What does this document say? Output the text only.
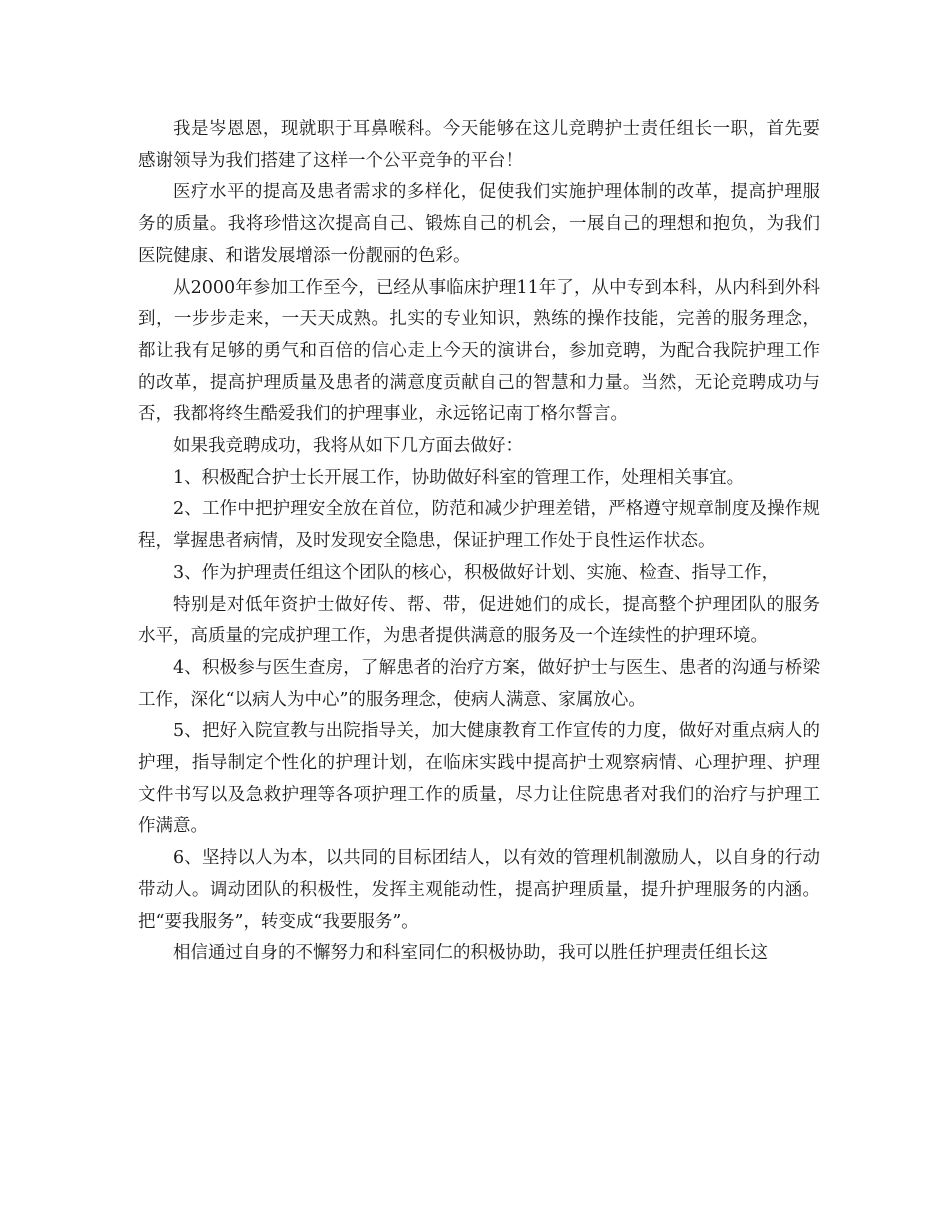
我是岑恩恩，现就职于耳鼻喉科。今天能够在这儿竞聘护士责任组长一职，首先要感谢领导为我们搭建了这样一个公平竞争的平台！

医疗水平的提高及患者需求的多样化，促使我们实施护理体制的改革，提高护理服务的质量。我将珍惜这次提高自己、锻炼自己的机会，一展自己的理想和抱负，为我们医院健康、和谐发展增添一份靓丽的色彩。

从2000年参加工作至今，已经从事临床护理11年了，从中专到本科，从内科到外科到，一步步走来，一天天成熟。扎实的专业知识，熟练的操作技能，完善的服务理念，都让我有足够的勇气和百倍的信心走上今天的演讲台，参加竞聘，为配合我院护理工作的改革，提高护理质量及患者的满意度贡献自己的智慧和力量。当然，无论竞聘成功与否，我都将终生酷爱我们的护理事业，永远铭记南丁格尔誓言。

如果我竞聘成功，我将从如下几方面去做好：

1、积极配合护士长开展工作，协助做好科室的管理工作，处理相关事宜。

2、工作中把护理安全放在首位，防范和减少护理差错，严格遵守规章制度及操作规程，掌握患者病情，及时发现安全隐患，保证护理工作处于良性运作状态。

3、作为护理责任组这个团队的核心，积极做好计划、实施、检查、指导工作，

特别是对低年资护士做好传、帮、带，促进她们的成长，提高整个护理团队的服务水平，高质量的完成护理工作，为患者提供满意的服务及一个连续性的护理环境。

4、积极参与医生查房，了解患者的治疗方案，做好护士与医生、患者的沟通与桥梁工作，深化“以病人为中心”的服务理念，使病人满意、家属放心。

5、把好入院宣教与出院指导关，加大健康教育工作宣传的力度，做好对重点病人的护理，指导制定个性化的护理计划，在临床实践中提高护士观察病情、心理护理、护理文件书写以及急救护理等各项护理工作的质量，尽力让住院患者对我们的治疗与护理工作满意。

6、坚持以人为本，以共同的目标团结人，以有效的管理机制激励人，以自身的行动带动人。调动团队的积极性，发挥主观能动性，提高护理质量，提升护理服务的内涵。把“要我服务”，转变成“我要服务”。

相信通过自身的不懈努力和科室同仁的积极协助，我可以胜任护理责任组长这
